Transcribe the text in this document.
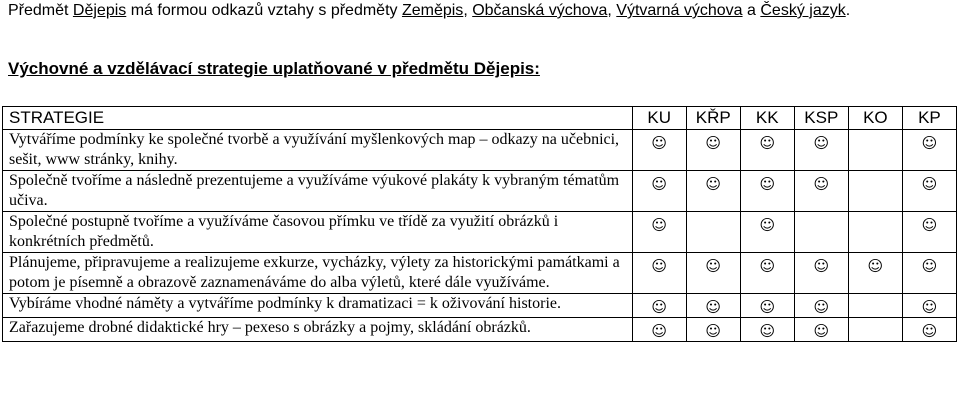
Předmět Dějepis má formou odkazů vztahy s předměty Zeměpis, Občanská výchova, Výtvarná výchova a Český jazyk.
Výchovné a vzdělávací strategie uplatňované v předmětu Dějepis:
STRATEGIE	KU	KŘP	KK	KSP	KO	KP
Vytváříme podmínky ke společné tvorbě a využívání myšlenkových map – odkazy na učebnici, sešit, www stránky, knihy.	☺	☺	☺	☺		☺
Společně tvoříme a následně prezentujeme a využíváme výukové plakáty k vybraným tématům učiva.	☺	☺	☺	☺		☺
Společné postupně tvoříme a využíváme časovou přímku ve třídě za využití obrázků i konkrétních předmětů.	☺		☺			☺
Plánujeme, připravujeme a realizujeme exkurze, vycházky, výlety za historickými památkami a potom je písemně a obrazově zaznamenáváme do alba výletů, které dále využíváme.	☺	☺	☺	☺	☺	☺
Vybíráme vhodné náměty a vytváříme podmínky k dramatizaci = k oživování historie.	☺	☺	☺	☺		☺
Zařazujeme drobné didaktické hry – pexeso s obrázky a pojmy, skládání obrázků.	☺	☺	☺	☺		☺
